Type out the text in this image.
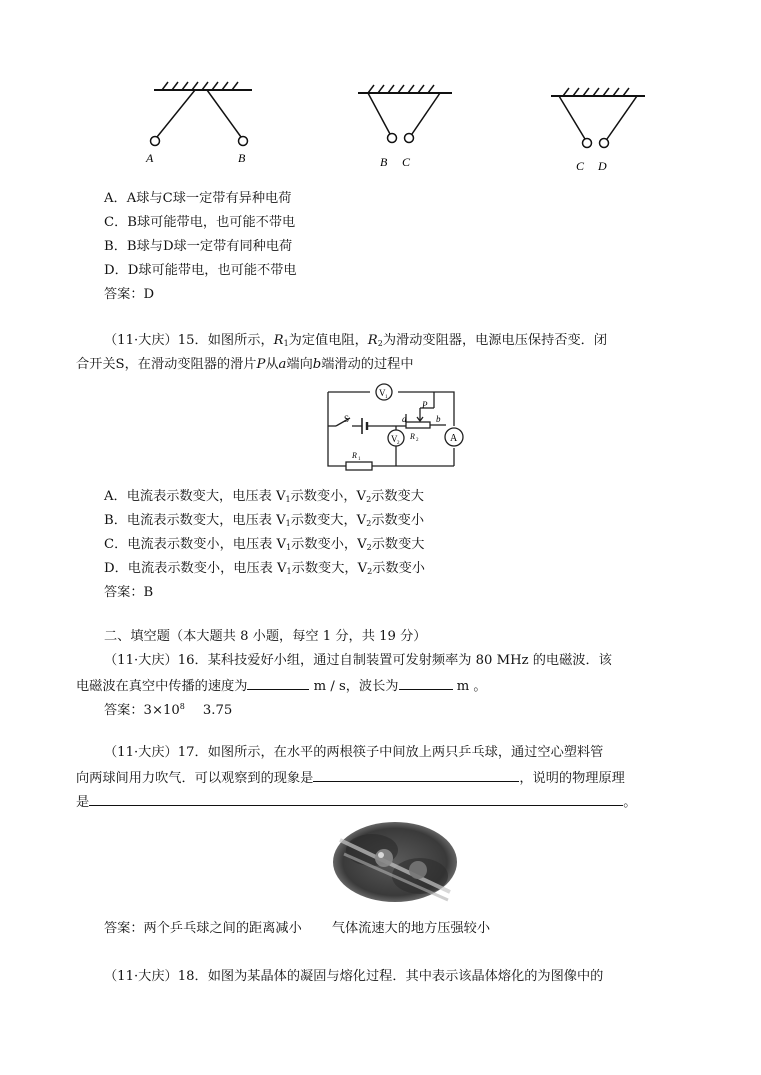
A	B	B C	C D
A．A球与C球一定带有异种电荷
C．B球可能带电，也可能不带电
B．B球与D球一定带有同种电荷
D．D球可能带电，也可能不带电
答案：D
（11·大庆）15．如图所示，$R_1$为定值电阻，$R_2$为滑动变阻器，电源电压保持否变．闭
合开关S，在滑动变阻器的滑片P从a端向b端滑动的过程中
V 1
V 2	A
S
P
a	b
R 2
R 1
A．电流表示数变大，电压表 $V_1$示数变小，$V_2$示数变大
B．电流表示数变大，电压表 $V_1$示数变大，$V_2$示数变小
C．电流表示数变小，电压表 $V_1$示数变小，$V_2$示数变大
D．电流表示数变小，电压表 $V_1$示数变大，$V_2$示数变小
答案：B
二、填空题（本大题共 8 小题，每空 1 分，共 19 分）
（11·大庆）16．某科技爱好小组，通过自制装置可发射频率为 80 MHz 的电磁波．该
电磁波在真空中传播的速度为	m / s，波长为	m 。
答案：$3\times 10^8$ 3.75
（11·大庆）17．如图所示，在水平的两根筷子中间放上两只乒乓球，通过空心塑料管
向两球间用力吹气．可以观察到的现象是	，说明的物理原理
是	。
答案：两个乒乓球之间的距离减小 气体流速大的地方压强较小
（11·大庆）18．如图为某晶体的凝固与熔化过程．其中表示该晶体熔化的为图像中的
